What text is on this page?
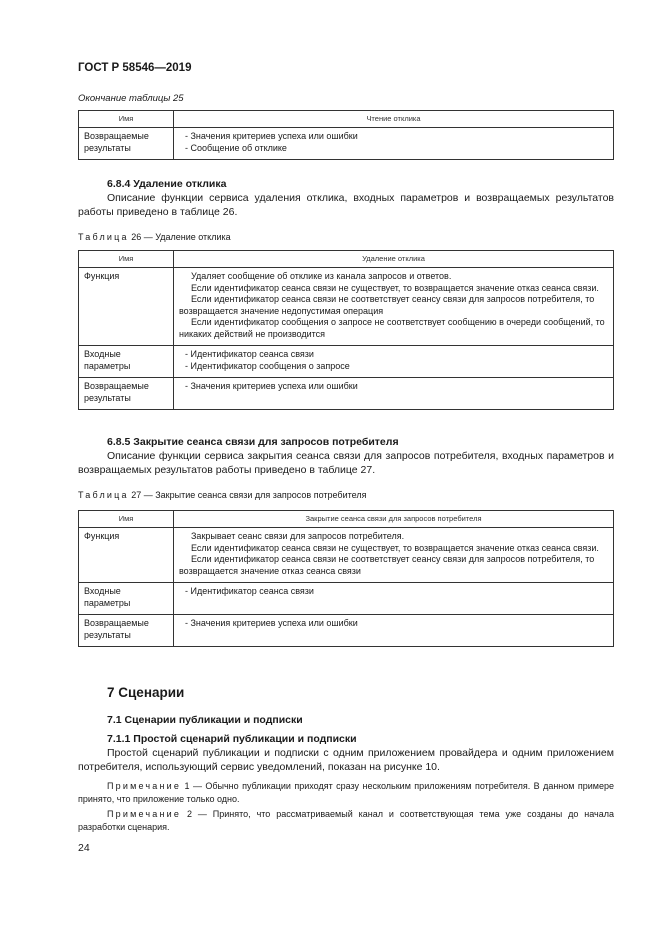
ГОСТ Р 58546—2019
Окончание таблицы 25
Имя	Чтение отклика
Возвращаемые результаты	- Значения критериев успеха или ошибки

- Сообщение об отклике

6.8.4 Удаление отклика
Описание функции сервиса удаления отклика, входных параметров и возвращаемых результатов работы приведено в таблице 26.
Таблица 26 — Удаление отклика
Имя	Удаление отклика
Функция	Удаляет сообщение об отклике из канала запросов и ответов.

Если идентификатор сеанса связи не существует, то возвращается значение отказ сеанса связи.

Если идентификатор сеанса связи не соответствует сеансу связи для запросов потребителя, то возвращается значение недопустимая операция

Если идентификатор сообщения о запросе не соответствует сообщению в очереди сообщений, то никаких действий не производится

Входные параметры	- Идентификатор сеанса связи

- Идентификатор сообщения о запросе

Возвращаемые результаты	- Значения критериев успеха или ошибки

6.8.5 Закрытие сеанса связи для запросов потребителя
Описание функции сервиса закрытия сеанса связи для запросов потребителя, входных параметров и возвращаемых результатов работы приведено в таблице 27.
Таблица 27 — Закрытие сеанса связи для запросов потребителя
Имя	Закрытие сеанса связи для запросов потребителя
Функция	Закрывает сеанс связи для запросов потребителя.

Если идентификатор сеанса связи не существует, то возвращается значение отказ сеанса связи.

Если идентификатор сеанса связи не соответствует сеансу связи для запросов потребителя, то возвращается значение отказ сеанса связи

Входные параметры	- Идентификатор сеанса связи

Возвращаемые результаты	- Значения критериев успеха или ошибки

7 Сценарии
7.1 Сценарии публикации и подписки
7.1.1 Простой сценарий публикации и подписки
Простой сценарий публикации и подписки с одним приложением провайдера и одним приложением потребителя, использующий сервис уведомлений, показан на рисунке 10.
Примечание 1 — Обычно публикации приходят сразу нескольким приложениям потребителя. В данном примере принято, что приложение только одно.
Примечание 2 — Принято, что рассматриваемый канал и соответствующая тема уже созданы до начала разработки сценария.
24
